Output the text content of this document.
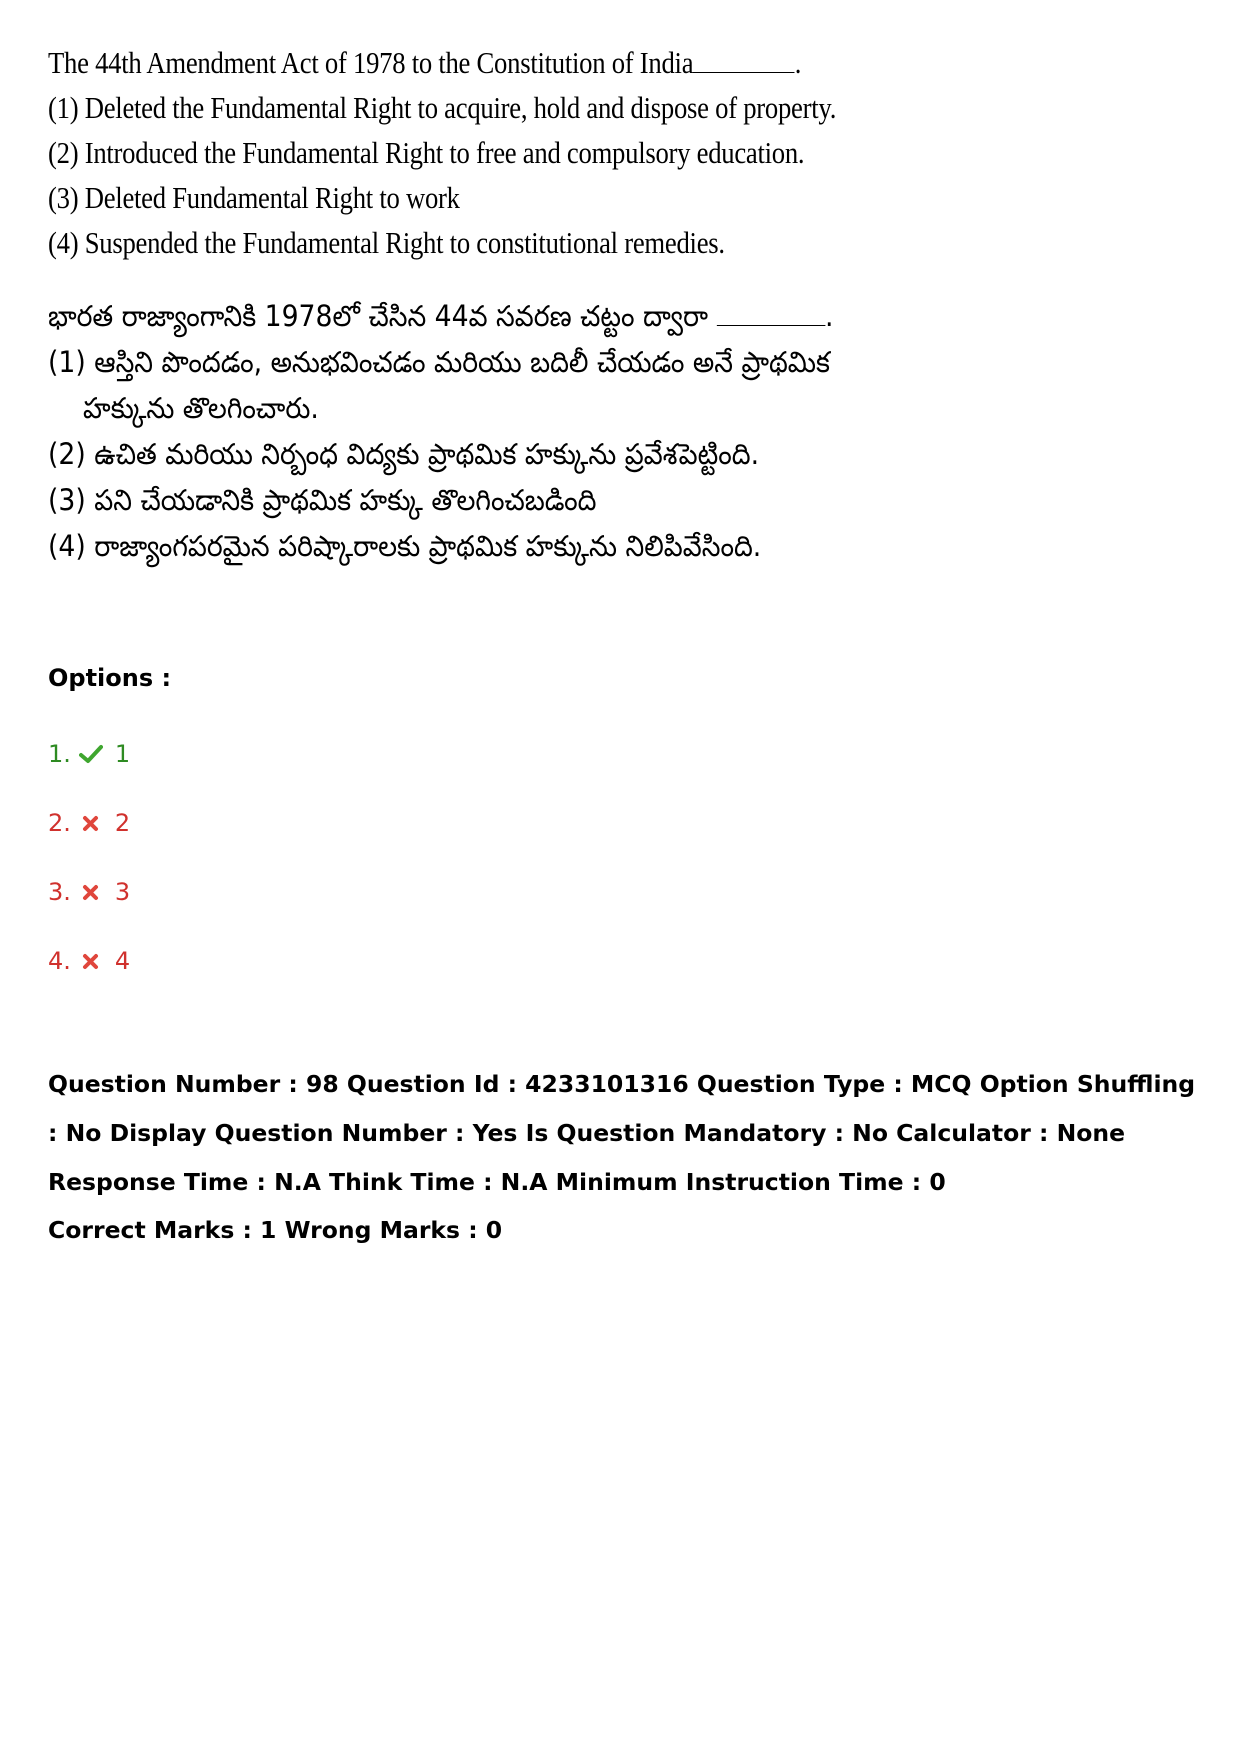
The 44th Amendment Act of 1978 to the Constitution of India	.
(1) Deleted the Fundamental Right to acquire, hold and dispose of property.
(2) Introduced the Fundamental Right to free and compulsory education.
(3) Deleted Fundamental Right to work
(4) Suspended the Fundamental Right to constitutional remedies.
భారత రాజ్యాంగానికి 1978లో చేసిన 44వ సవరణ చట్టం ద్వారా	.
(1) ఆస్తిని పొందడం, అనుభవించడం మరియు బదిలీ చేయడం అనే ప్రాథమిక
హక్కును తొలగించారు.
(2) ఉచిత మరియు నిర్బంధ విద్యకు ప్రాథమిక హక్కును ప్రవేశపెట్టింది.
(3) పని చేయడానికి ప్రాథమిక హక్కు తొలగించబడింది
(4) రాజ్యాంగపరమైన పరిష్కారాలకు ప్రాథమిక హక్కును నిలిపివేసింది.
Options :
1. 1
2. 2
3. 3
4. 4
Question Number : 98 Question Id : 4233101316 Question Type : MCQ Option Shuffling : No Display Question Number : Yes Is Question Mandatory : No Calculator : None Response Time : N.A Think Time : N.A Minimum Instruction Time : 0
Correct Marks : 1 Wrong Marks : 0
